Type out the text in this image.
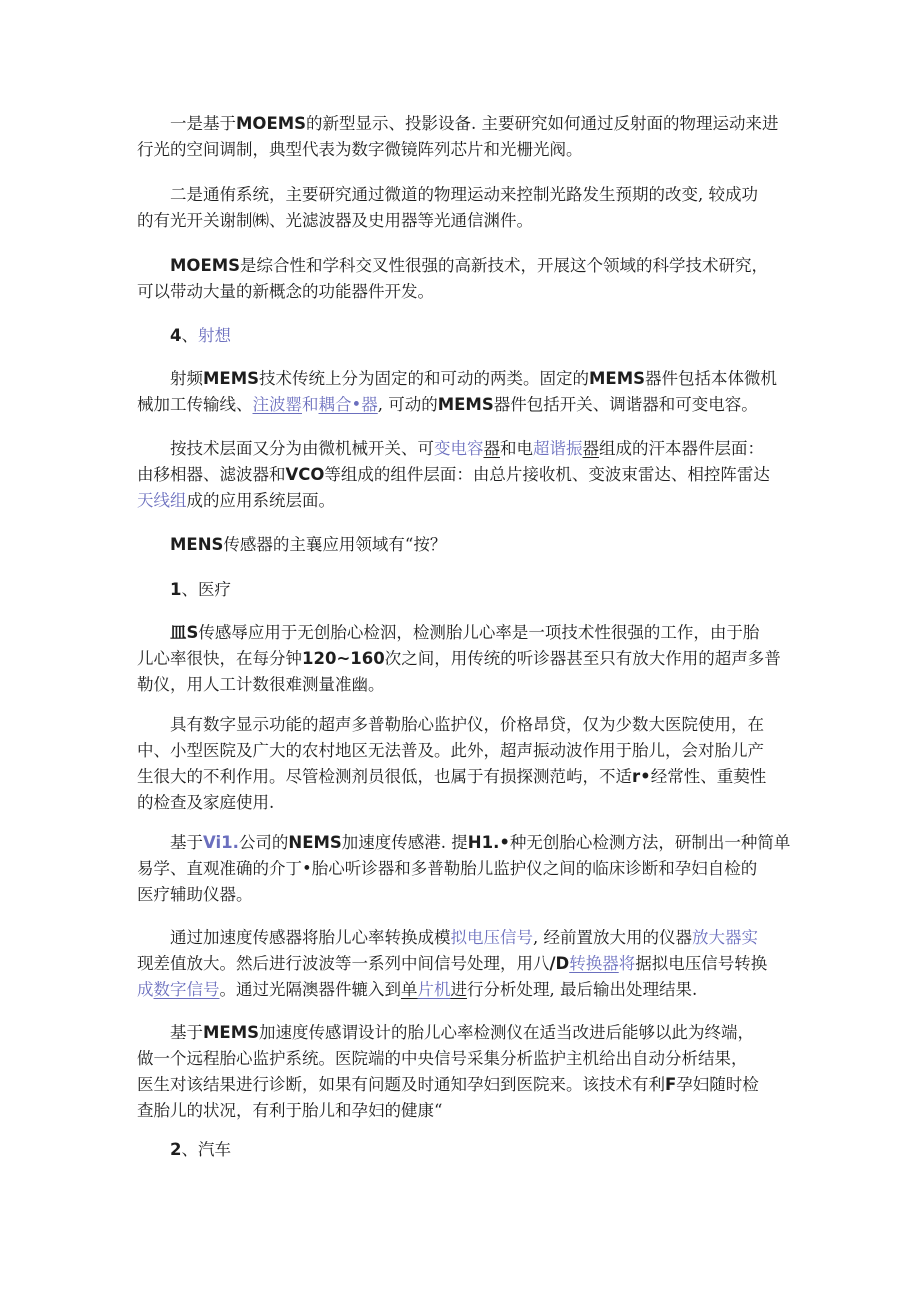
一是基于MOEMS的新型显示、投影设备. 主要研究如何通过反射面的物理运动来进
行光的空间调制，典型代表为数字微镜阵列芯片和光栅光阀。
二是通侑系统，主要研究通过微道的物理运动来控制光路发生预期的改变, 较成功
的有光开关谢制㈱、光滤波器及史用器等光通信渊件。
MOEMS是综合性和学科交叉性很强的高新技术，开展这个领域的科学技术研究，
可以带动大量的新概念的功能器件开发。
4、射想
射频MEMS技术传统上分为固定的和可动的两类。固定的MEMS器件包括本体微机
械加工传输线、注波罂和耦合•器, 可动的MEMS器件包括开关、调谐器和可变电容。
按技术层面又分为由微机械开关、可变电容器和电超谐振器组成的汗本器件层面：
由移相器、滤波器和VCO等组成的组件层面：由总片接收机、变波束雷达、相控阵雷达
天线组成的应用系统层面。
MENS传感器的主襄应用领域有“按？
1、医疗
皿S传感辱应用于无创胎心检泅，检测胎儿心率是一项技术性很强的工作，由于胎
儿心率很快，在每分钟120~160次之间，用传统的听诊器甚至只有放大作用的超声多普
勒仪，用人工计数很难测量准幽。
具有数字显示功能的超声多普勒胎心监护仪，价格昂贷，仅为少数大医院使用，在
中、小型医院及广大的农村地区无法普及。此外，超声振动波作用于胎儿，会对胎儿产
生很大的不利作用。尽管检测剂员很低，也属于有损探测范屿，不适r•经常性、重葜性
的检查及家庭使用.
基于Vi1.公司的NEMS加速度传感港. 提H1.•种无创胎心检测方法，研制出一种简单
易学、直观准确的介丁•胎心听诊器和多普勒胎儿监护仪之间的临床诊断和孕妇自检的
医疗辅助仪器。
通过加速度传感器将胎儿心率转换成模拟电压信号, 经前置放大用的仪器放大器实
现差值放大。然后进行波波等一系列中间信号处理，用八/D转换器将据拟电压信号转换
成数字信号。通过光隔澳器件辘入到单片机进行分析处理, 最后输出处理结果.
基于MEMS加速度传感谓设计的胎儿心率检测仪在适当改进后能够以此为终端，
做一个远程胎心监护系统。医院端的中央信号采集分析监护主机给出自动分析结果，
医生对该结果进行诊断，如果有问题及时通知孕妇到医院来。该技术有利F孕妇随时检
查胎儿的状况，有利于胎儿和孕妇的健康“
2、汽车
